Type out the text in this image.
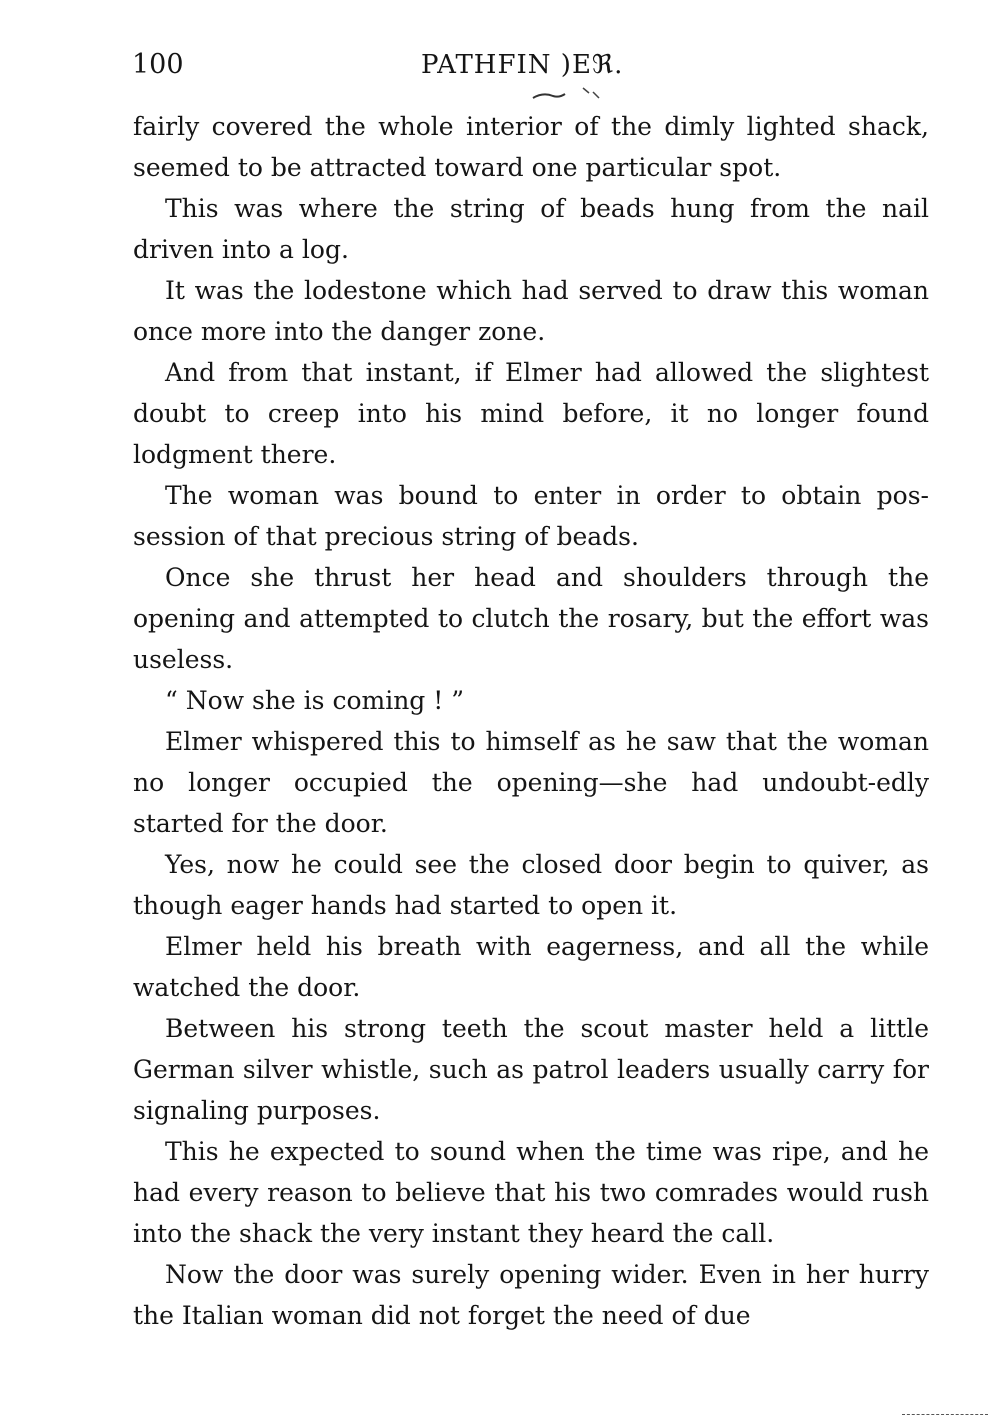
100	PATHFIΝ )Eℜ.

fairly covered the whole interior of the dimly lighted shack, seemed to be attracted toward one particular spot.

This was where the string of beads hung from the nail driven into a log.

It was the lodestone which had served to draw this woman once more into the danger zone.

And from that instant, if Elmer had allowed the slightest doubt to creep into his mind before, it no longer found lodgment there.

The woman was bound to enter in order to obtain pos-session of that precious string of beads.

Once she thrust her head and shoulders through the opening and attempted to clutch the rosary, but the effort was useless.

“ Now she is coming ! ”

Elmer whispered this to himself as he saw that the woman no longer occupied the opening—she had undoubt-edly started for the door.

Yes, now he could see the closed door begin to quiver, as though eager hands had started to open it.

Elmer held his breath with eagerness, and all the while watched the door.

Between his strong teeth the scout master held a little German silver whistle, such as patrol leaders usually carry for signaling purposes.

This he expected to sound when the time was ripe, and he had every reason to believe that his two comrades would rush into the shack the very instant they heard the call.

Now the door was surely opening wider. Even in her hurry the Italian woman did not forget the need of due
